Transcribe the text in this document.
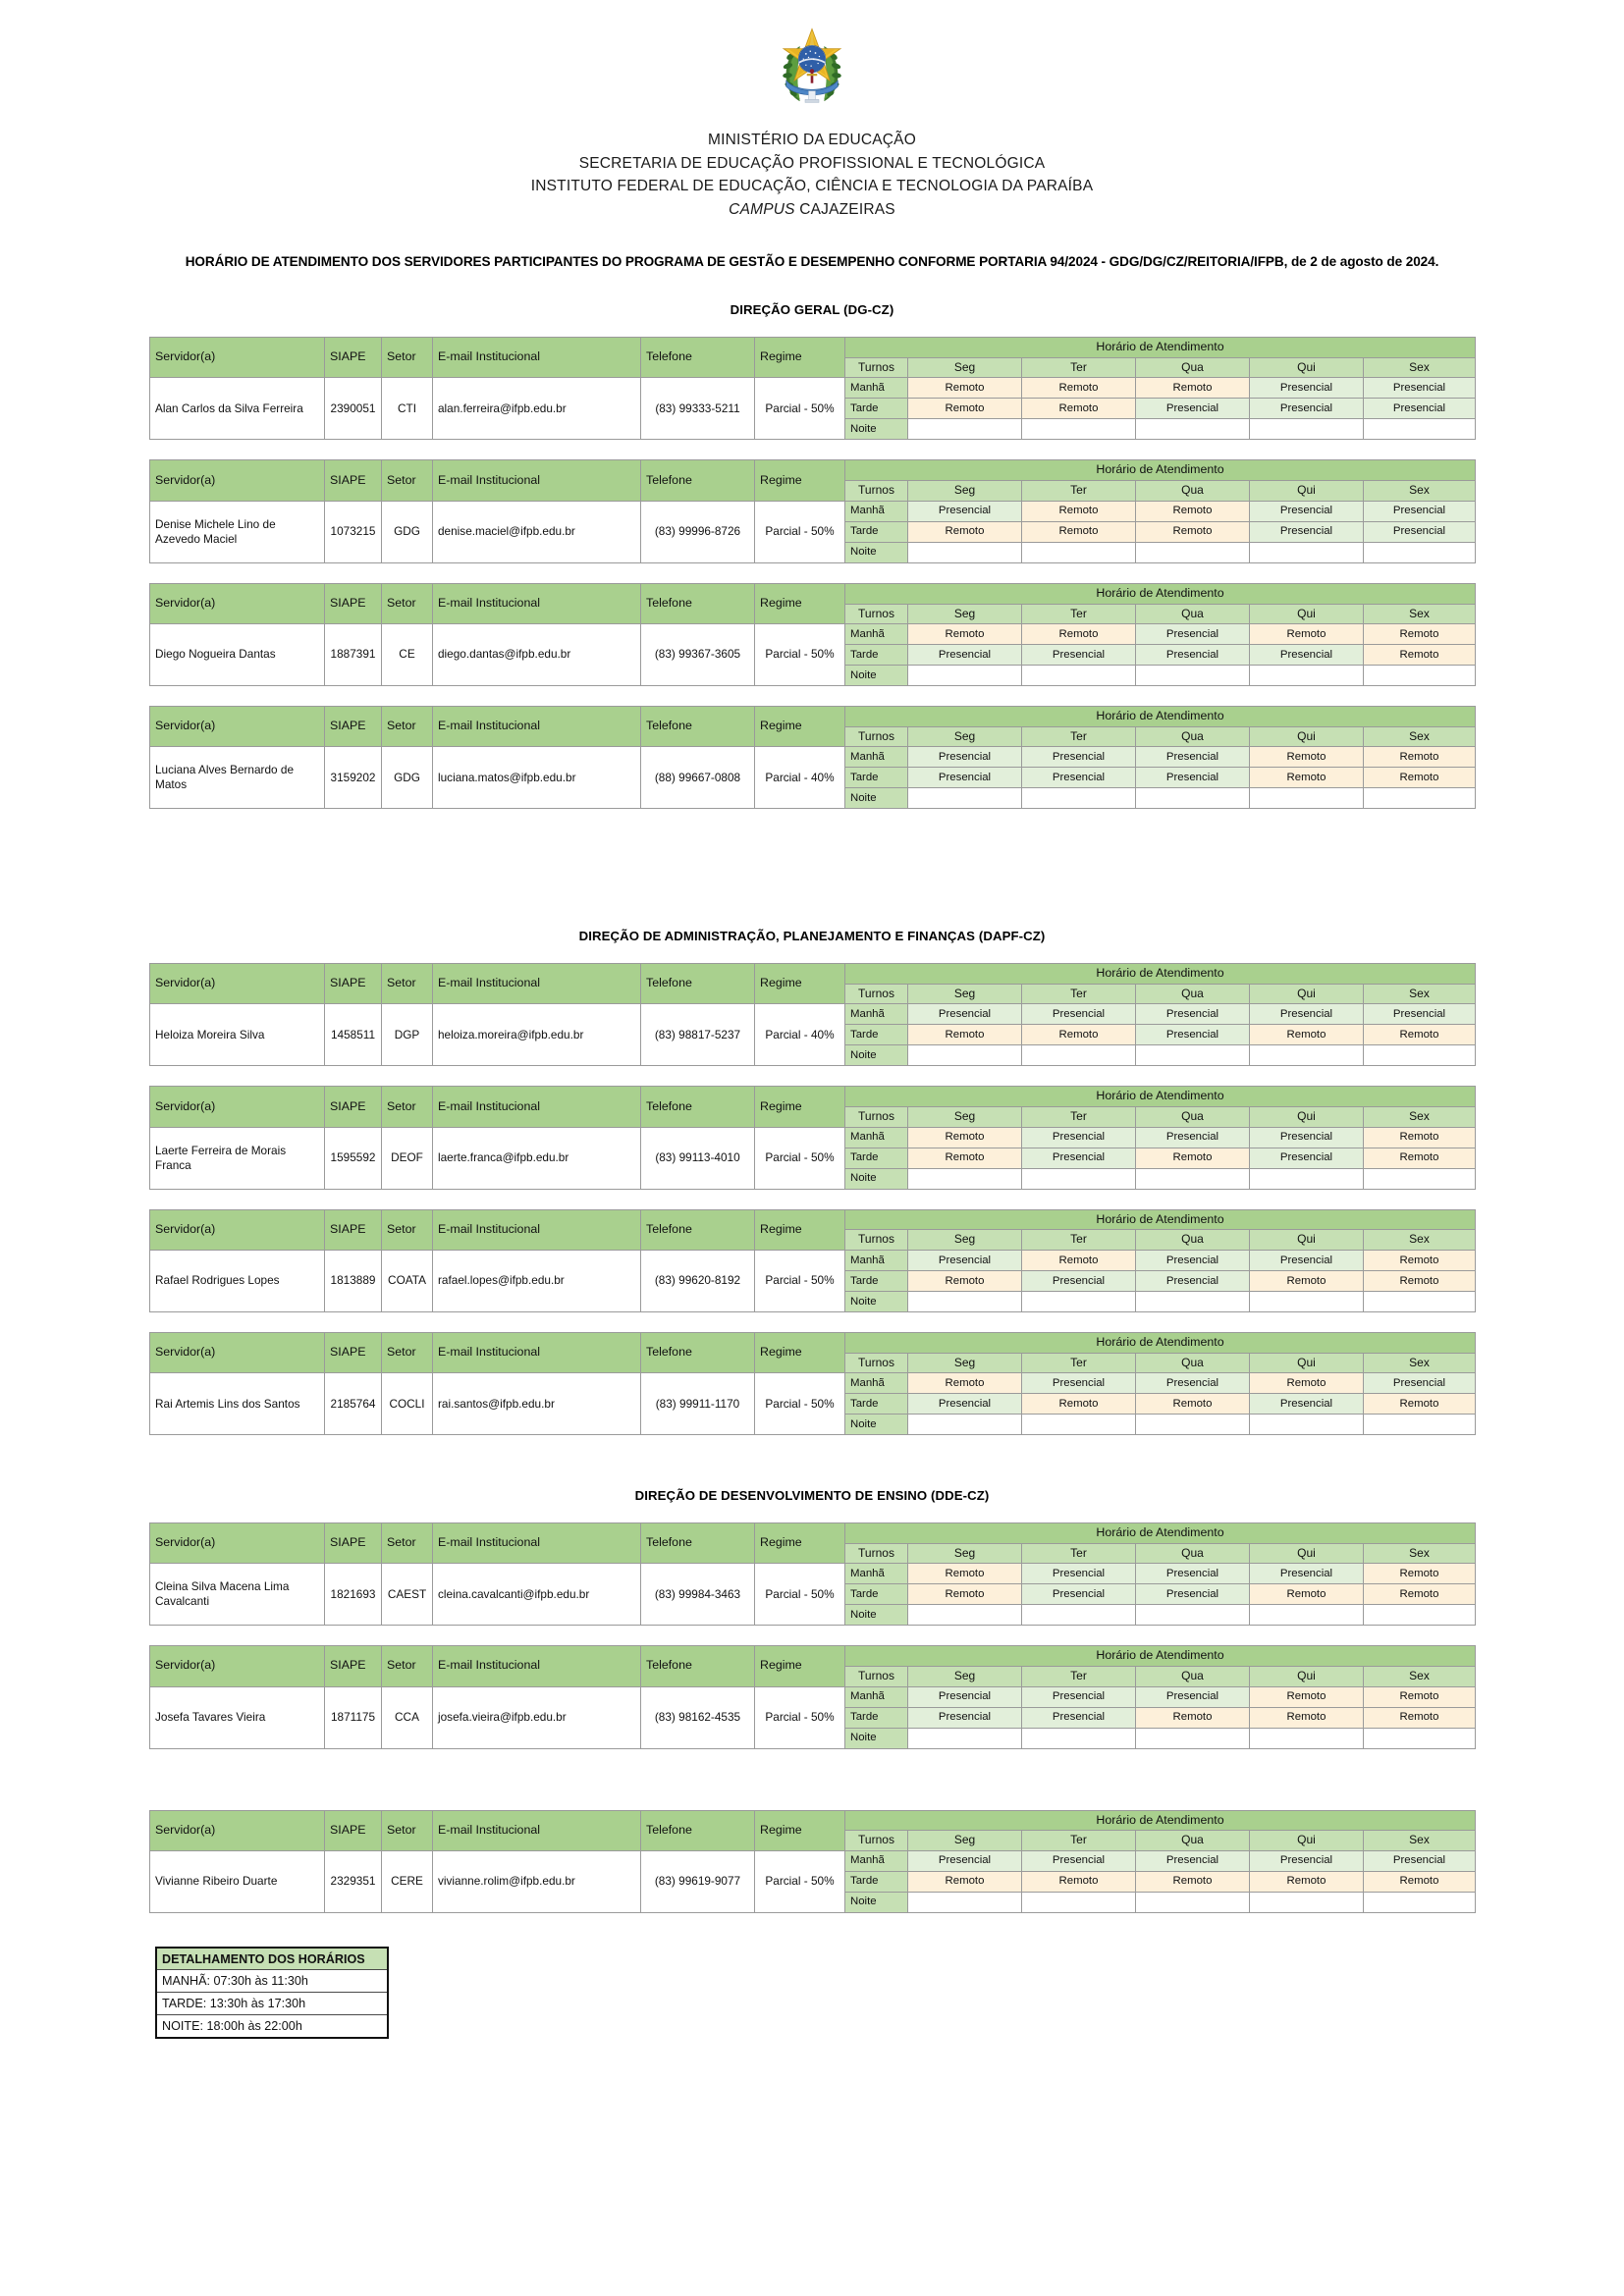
MINISTÉRIO DA EDUCAÇÃO
SECRETARIA DE EDUCAÇÃO PROFISSIONAL E TECNOLÓGICA
INSTITUTO FEDERAL DE EDUCAÇÃO, CIÊNCIA E TECNOLOGIA DA PARAÍBA
CAMPUS CAJAZEIRAS
HORÁRIO DE ATENDIMENTO DOS SERVIDORES PARTICIPANTES DO PROGRAMA DE GESTÃO E DESEMPENHO CONFORME PORTARIA 94/2024 - GDG/DG/CZ/REITORIA/IFPB, de 2 de agosto de 2024.
DIREÇÃO GERAL (DG-CZ)
Servidor(a)	SIAPE	Setor	E-mail Institucional	Telefone	Regime	Horário de Atendimento					
						Turnos	Seg	Ter	Qua	Qui	Sex
Alan Carlos da Silva Ferreira	2390051	CTI	alan.ferreira@ifpb.edu.br	(83) 99333-5211	Parcial - 50%	Manhã	Remoto	Remoto	Remoto	Presencial	Presencial
						Tarde	Remoto	Remoto	Presencial	Presencial	Presencial
						Noite					
Servidor(a)	SIAPE	Setor	E-mail Institucional	Telefone	Regime	Horário de Atendimento					
						Turnos	Seg	Ter	Qua	Qui	Sex
Denise Michele Lino de Azevedo Maciel	1073215	GDG	denise.maciel@ifpb.edu.br	(83) 99996-8726	Parcial - 50%	Manhã	Presencial	Remoto	Remoto	Presencial	Presencial
						Tarde	Remoto	Remoto	Remoto	Presencial	Presencial
						Noite					
Servidor(a)	SIAPE	Setor	E-mail Institucional	Telefone	Regime	Horário de Atendimento					
						Turnos	Seg	Ter	Qua	Qui	Sex
Diego Nogueira Dantas	1887391	CE	diego.dantas@ifpb.edu.br	(83) 99367-3605	Parcial - 50%	Manhã	Remoto	Remoto	Presencial	Remoto	Remoto
						Tarde	Presencial	Presencial	Presencial	Presencial	Remoto
						Noite					
Servidor(a)	SIAPE	Setor	E-mail Institucional	Telefone	Regime	Horário de Atendimento					
						Turnos	Seg	Ter	Qua	Qui	Sex
Luciana Alves Bernardo de Matos	3159202	GDG	luciana.matos@ifpb.edu.br	(88) 99667-0808	Parcial - 40%	Manhã	Presencial	Presencial	Presencial	Remoto	Remoto
						Tarde	Presencial	Presencial	Presencial	Remoto	Remoto
						Noite					
DIREÇÃO DE ADMINISTRAÇÃO, PLANEJAMENTO E FINANÇAS (DAPF-CZ)
Servidor(a)	SIAPE	Setor	E-mail Institucional	Telefone	Regime	Horário de Atendimento					
						Turnos	Seg	Ter	Qua	Qui	Sex
Heloiza Moreira Silva	1458511	DGP	heloiza.moreira@ifpb.edu.br	(83) 98817-5237	Parcial - 40%	Manhã	Presencial	Presencial	Presencial	Presencial	Presencial
						Tarde	Remoto	Remoto	Presencial	Remoto	Remoto
						Noite					
Servidor(a)	SIAPE	Setor	E-mail Institucional	Telefone	Regime	Horário de Atendimento					
						Turnos	Seg	Ter	Qua	Qui	Sex
Laerte Ferreira de Morais Franca	1595592	DEOF	laerte.franca@ifpb.edu.br	(83) 99113-4010	Parcial - 50%	Manhã	Remoto	Presencial	Presencial	Presencial	Remoto
						Tarde	Remoto	Presencial	Remoto	Presencial	Remoto
						Noite					
Servidor(a)	SIAPE	Setor	E-mail Institucional	Telefone	Regime	Horário de Atendimento					
						Turnos	Seg	Ter	Qua	Qui	Sex
Rafael Rodrigues Lopes	1813889	COATA	rafael.lopes@ifpb.edu.br	(83) 99620-8192	Parcial - 50%	Manhã	Presencial	Remoto	Presencial	Presencial	Remoto
						Tarde	Remoto	Presencial	Presencial	Remoto	Remoto
						Noite					
Servidor(a)	SIAPE	Setor	E-mail Institucional	Telefone	Regime	Horário de Atendimento					
						Turnos	Seg	Ter	Qua	Qui	Sex
Rai Artemis Lins dos Santos	2185764	COCLI	rai.santos@ifpb.edu.br	(83) 99911-1170	Parcial - 50%	Manhã	Remoto	Presencial	Presencial	Remoto	Presencial
						Tarde	Presencial	Remoto	Remoto	Presencial	Remoto
						Noite					
DIREÇÃO DE DESENVOLVIMENTO DE ENSINO (DDE-CZ)
Servidor(a)	SIAPE	Setor	E-mail Institucional	Telefone	Regime	Horário de Atendimento					
						Turnos	Seg	Ter	Qua	Qui	Sex
Cleina Silva Macena Lima Cavalcanti	1821693	CAEST	cleina.cavalcanti@ifpb.edu.br	(83) 99984-3463	Parcial - 50%	Manhã	Remoto	Presencial	Presencial	Presencial	Remoto
						Tarde	Remoto	Presencial	Presencial	Remoto	Remoto
						Noite					
Servidor(a)	SIAPE	Setor	E-mail Institucional	Telefone	Regime	Horário de Atendimento					
						Turnos	Seg	Ter	Qua	Qui	Sex
Josefa Tavares Vieira	1871175	CCA	josefa.vieira@ifpb.edu.br	(83) 98162-4535	Parcial - 50%	Manhã	Presencial	Presencial	Presencial	Remoto	Remoto
						Tarde	Presencial	Presencial	Remoto	Remoto	Remoto
						Noite					
Servidor(a)	SIAPE	Setor	E-mail Institucional	Telefone	Regime	Horário de Atendimento					
						Turnos	Seg	Ter	Qua	Qui	Sex
Vivianne Ribeiro Duarte	2329351	CERE	vivianne.rolim@ifpb.edu.br	(83) 99619-9077	Parcial - 50%	Manhã	Presencial	Presencial	Presencial	Presencial	Presencial
						Tarde	Remoto	Remoto	Remoto	Remoto	Remoto
						Noite					
DETALHAMENTO DOS HORÁRIOS
MANHÃ: 07:30h às 11:30h
TARDE: 13:30h às 17:30h
NOITE: 18:00h às 22:00h
